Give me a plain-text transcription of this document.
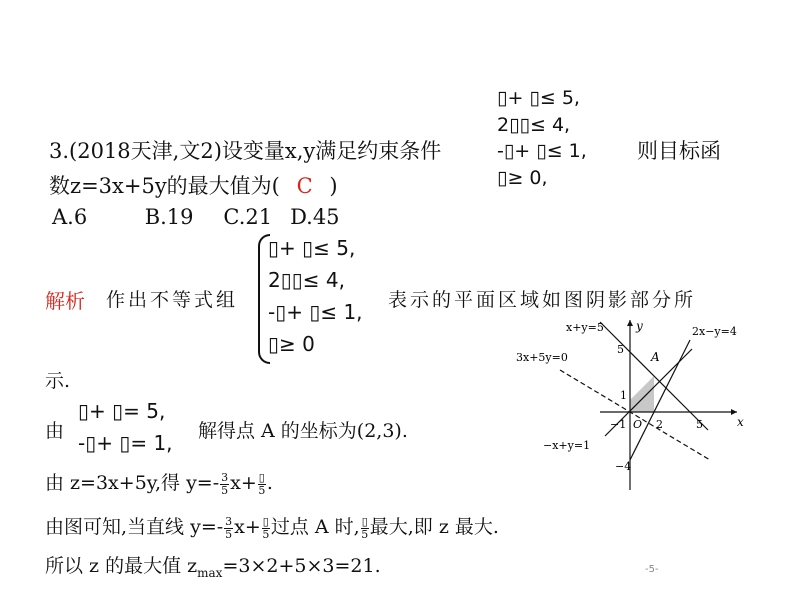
3.(2018天津,文2)设变量x,y满足约束条件
数z=3x+5y的最大值为( C )
▯+ ▯≤ 5,
2▯▯≤ 4,
-▯+ ▯≤ 1,
▯≥ 0,
则目标函
A.6	B.19 C.21 D.45
▯+ ▯≤ 5,
2▯▯≤ 4,
-▯+ ▯≤ 1,
▯≥ 0
解析 作出不等式组	表示的平面区域如图阴影部分所
示.
由
▯+ ▯= 5,
-▯+ ▯= 1, 解得点 A 的坐标为(2,3).
由 z=3x+5y,得 $y=- \frac{3}{5} x+ \frac{▯}{5}$ .
由图可知,当直线 $y=- \frac{3}{5} x+ \frac{▯}{5}$ 过点 A 时, $\frac{▯}{5}$ 最大,即 z 最大.
所以 z 的最大值 $z_{max}=3\times 2+5\times 3=21$.
x+y=5	y	2x−y=4
3x+5y=0
5
A
1
−1 O 2	5	x
−x+y=1
−4
-5-
